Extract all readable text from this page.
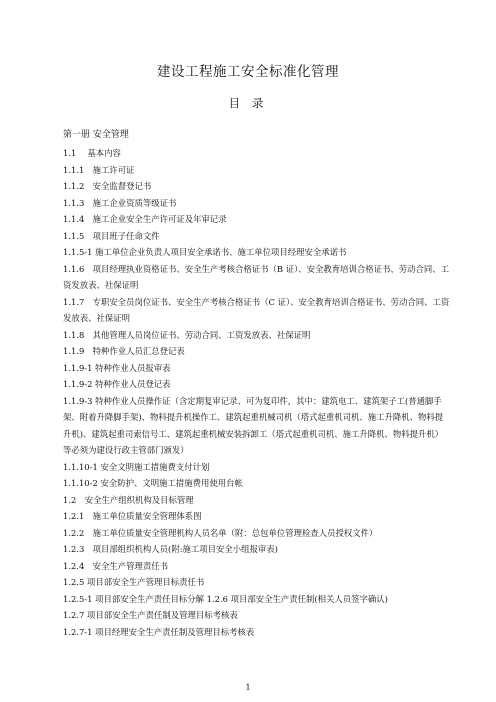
建设工程施工安全标准化管理
目 录
第一册 安全管理
1.1　 基本内容
1.1.1　施工许可证
1.1.2　安全监督登记书
1.1.3　施工企业资质等级证书
1.1.4　施工企业安全生产许可证及年审记录
1.1.5　项目班子任命文件
1.1.5-1 施工单位企业负责人项目安全承诺书、施工单位项目经理安全承诺书
1.1.6　项目经理执业资格证书、安全生产考核合格证书（B 证）、安全教育培训合格证书、劳动合同、工资发放表、社保证明
1.1.7　专职安全员岗位证书、安全生产考核合格证书（C 证）、安全教育培训合格证书、劳动合同、工资发放表、社保证明
1.1.8　其他管理人员岗位证书、劳动合同、工资发放表、社保证明
1.1.9　特种作业人员汇总登记表
1.1.9-1 特种作业人员报审表
1.1.9-2 特种作业人员登记表
1.1.9-3 特种作业人员操作证（含定期复审记录、可为复印件，其中：建筑电工、建筑架子工(普通脚手架、附着升降脚手架)、物料提升机操作工、建筑起重机械司机（塔式起重机司机、施工升降机、物料提升机)、建筑起重司索信号工、建筑起重机械安装拆卸工（塔式起重机司机、施工升降机、物料提升机）等必须为建设行政主管部门颁发）
1.1.10-1 安全文明施工措施费支付计划
1.1.10-2 安全防护、文明施工措施费用使用台帐
1.2　安全生产组织机构及目标管理
1.2.1　施工单位质量安全管理体系图
1.2.2　施工单位质量安全管理机构人员名单（附：总包单位管理检查人员授权文件）
1.2.3　项目部组织机构人员(附:施工项目安全小组报审表)
1.2.4　安全生产管理责任书
1.2.5 项目部安全生产管理目标责任书
1.2.5-1 项目部安全生产责任目标分解 1.2.6 项目部安全生产责任制(相关人员签字确认)
1.2.7 项目部安全生产责任制及管理目标考核表
1.2.7-1 项目经理安全生产责任制及管理目标考核表
1
